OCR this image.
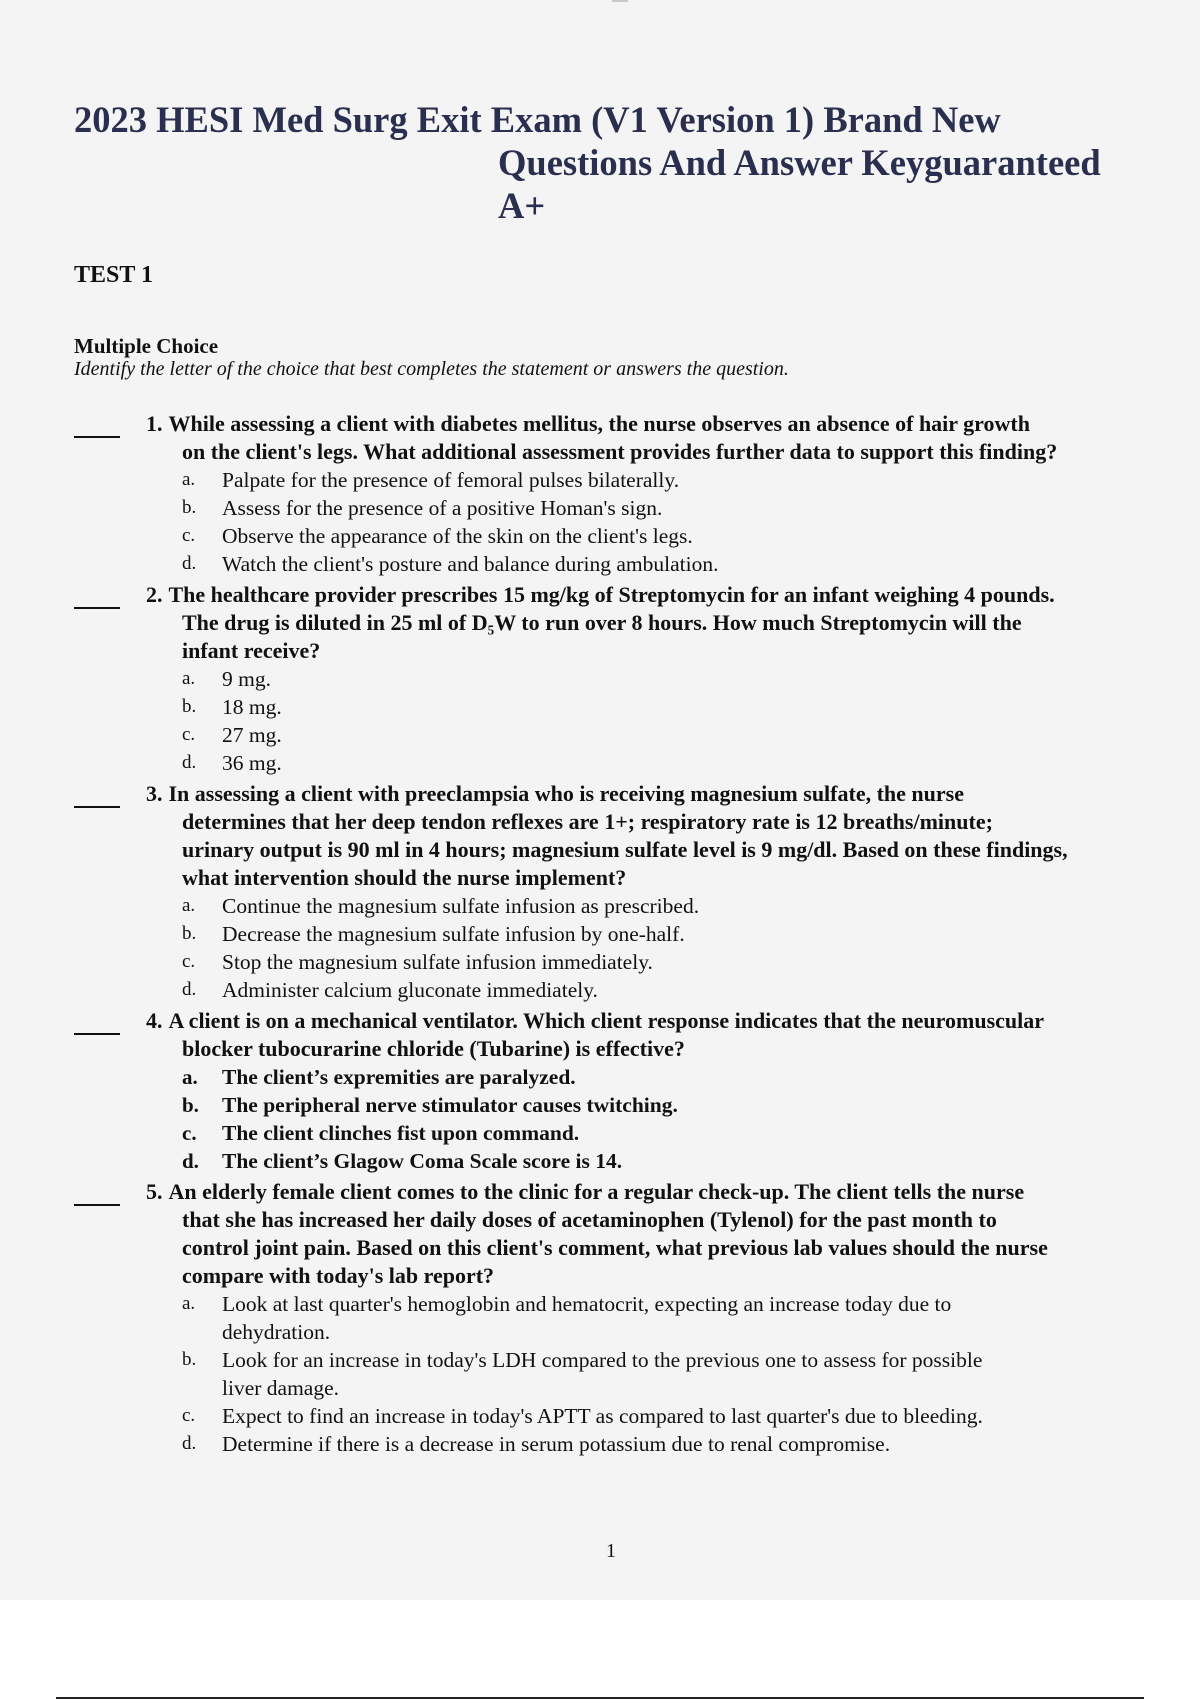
2023 HESI Med Surg Exit Exam (V1 Version 1) Brand New
Questions And Answer Keyguaranteed
A+
TEST 1
Multiple Choice
Identify the letter of the choice that best completes the statement or answers the question.
1. While assessing a client with diabetes mellitus, the nurse observes an absence of hair growth
on the client's legs. What additional assessment provides further data to support this finding?
a. Palpate for the presence of femoral pulses bilaterally.
b. Assess for the presence of a positive Homan's sign.
c. Observe the appearance of the skin on the client's legs.
d. Watch the client's posture and balance during ambulation.
2. The healthcare provider prescribes 15 mg/kg of Streptomycin for an infant weighing 4 pounds.
The drug is diluted in 25 ml of D₅W to run over 8 hours. How much Streptomycin will the
infant receive?
a. 9 mg.
b. 18 mg.
c. 27 mg.
d. 36 mg.
3. In assessing a client with preeclampsia who is receiving magnesium sulfate, the nurse
determines that her deep tendon reflexes are 1+; respiratory rate is 12 breaths/minute;
urinary output is 90 ml in 4 hours; magnesium sulfate level is 9 mg/dl. Based on these findings,
what intervention should the nurse implement?
a. Continue the magnesium sulfate infusion as prescribed.
b. Decrease the magnesium sulfate infusion by one-half.
c. Stop the magnesium sulfate infusion immediately.
d. Administer calcium gluconate immediately.
4. A client is on a mechanical ventilator. Which client response indicates that the neuromuscular
blocker tubocurarine chloride (Tubarine) is effective?
a. The client’s expremities are paralyzed.
b. The peripheral nerve stimulator causes twitching.
c. The client clinches fist upon command.
d. The client’s Glagow Coma Scale score is 14.
5. An elderly female client comes to the clinic for a regular check-up. The client tells the nurse
that she has increased her daily doses of acetaminophen (Tylenol) for the past month to
control joint pain. Based on this client's comment, what previous lab values should the nurse
compare with today's lab report?
a. Look at last quarter's hemoglobin and hematocrit, expecting an increase today due to dehydration.
b. Look for an increase in today's LDH compared to the previous one to assess for possible liver damage.
c. Expect to find an increase in today's APTT as compared to last quarter's due to bleeding.
d. Determine if there is a decrease in serum potassium due to renal compromise.
1
